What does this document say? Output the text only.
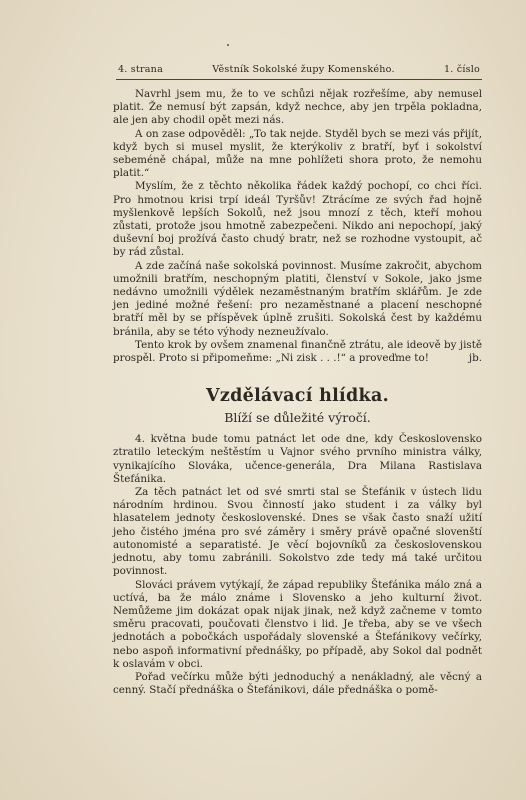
4. strana	Věstník Sokolské župy Komenského.	1. číslo

Navrhl jsem mu, že to ve schůzi nějak rozřešíme, aby nemusel platit. Že nemusí být zapsán, když nechce, aby jen trpěla pokladna, ale jen aby chodil opět mezi nás.

A on zase odpověděl: „To tak nejde. Styděl bych se mezi vás přijít, když bych si musel myslit, že kterýkoliv z bratří, byť i sokolství sebeméně chápal, může na mne pohlížeti shora proto, že nemohu platit.“

Myslím, že z těchto několika řádek každý pochopí, co chci říci. Pro hmotnou krisi trpí ideál Tyršův! Ztrácíme ze svých řad hojně myšlenkově lepších Sokolů, než jsou mnozí z těch, kteří mohou zůstati, protože jsou hmotně zabezpečeni. Nikdo ani nepochopí, jaký duševní boj prožívá často chudý bratr, než se rozhodne vystoupit, ač by rád zůstal.

A zde začíná naše sokolská povinnost. Musíme zakročit, abychom umožnili bratřím, neschopným platiti, členství v Sokole, jako jsme nedávno umožnili výdělek nezaměstnaným bratřím sklářům. Je zde jen jediné možné řešení: pro nezaměstnané a placení neschopné bratří měl by se příspěvek úplně zrušiti. Sokolská čest by každému bránila, aby se této výhody nezneužívalo.

Tento krok by ovšem znamenal finančně ztrátu, ale ideově by jistě prospěl. Proto si připomeňme: „Ni zisk . . .!“ a proveďme to!	jb.

Vzdělávací hlídka.
Blíží se důležité výročí.

4. května bude tomu patnáct let ode dne, kdy Československo ztratilo leteckým neštěstím u Vajnor svého prvního ministra války, vynikajícího Slováka, učence-generála, Dra Milana Rastislava Štefánika.

Za těch patnáct let od své smrti stal se Štefánik v ústech lidu národním hrdinou. Svou činností jako student i za války byl hlasatelem jednoty československé. Dnes se však často snaží užití jeho čistého jména pro své záměry i směry právě opačné slovenští autonomisté a separatisté. Je věcí bojovníků za československou jednotu, aby tomu zabránili. Sokolstvo zde tedy má také určitou povinnost.

Slováci právem vytýkají, že západ republiky Štefánika málo zná a uctívá, ba že málo známe i Slovensko a jeho kulturní život. Nemůžeme jim dokázat opak nijak jinak, než když začneme v tomto směru pracovati, poučovati členstvo i lid. Je třeba, aby se ve všech jednotách a pobočkách uspořádaly slovenské a Štefánikovy večírky, nebo aspoň informativní přednášky, po případě, aby Sokol dal podnět k oslavám v obci.

Pořad večírku může býti jednoduchý a nenákladný, ale věcný a cenný. Stačí přednáška o Štefánikovi, dále přednáška o pomě-
